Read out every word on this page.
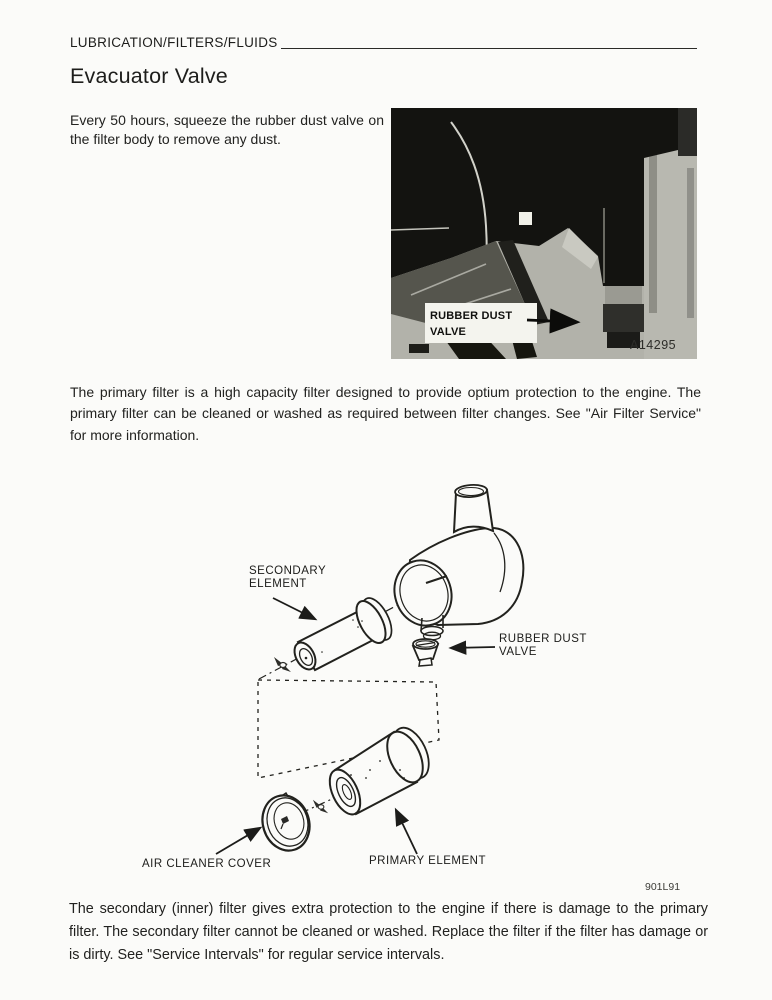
LUBRICATION/FILTERS/FLUIDS
Evacuator Valve
Every 50 hours, squeeze the rubber dust valve on the filter body to remove any dust.
RUBBER DUST
VALVE
A14295
The primary filter is a high capacity filter designed to provide optium protection to the engine. The primary filter can be cleaned or washed as required between filter changes. See "Air Filter Service" for more information.
SECONDARY
ELEMENT
RUBBER DUST
VALVE
AIR CLEANER COVER	PRIMARY ELEMENT
901L91
The secondary (inner) filter gives extra protection to the engine if there is damage to the primary filter. The secondary filter cannot be cleaned or washed. Replace the filter if the filter has damage or is dirty. See "Service Intervals" for regular service intervals.
